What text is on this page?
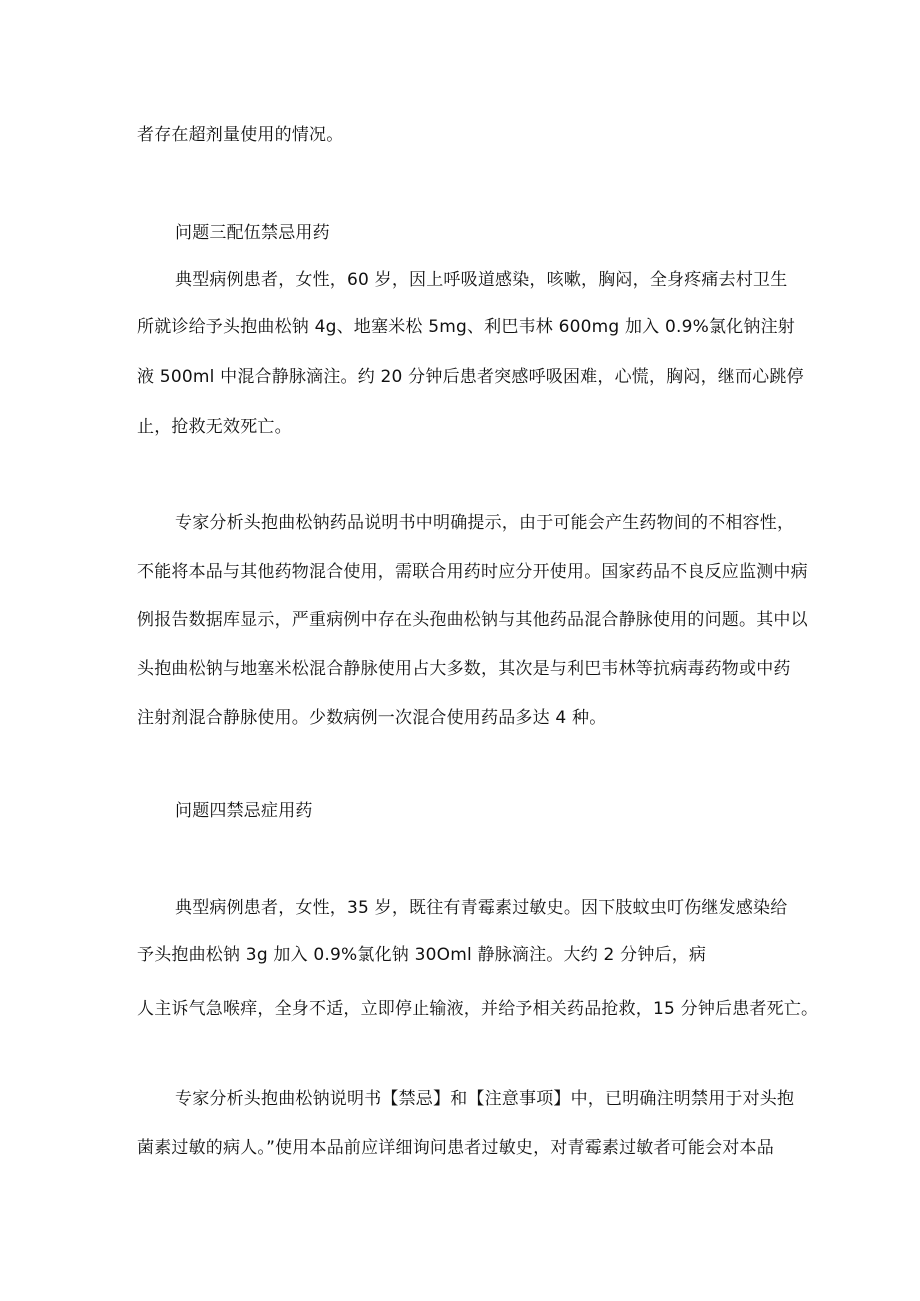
者存在超剂量使用的情况。
问题三配伍禁忌用药
典型病例患者，女性，60 岁，因上呼吸道感染，咳嗽，胸闷，全身疼痛去村卫生
所就诊给予头抱曲松钠 4g、地塞米松 5mg、利巴韦林 600mg 加入 0.9%氯化钠注射
液 500ml 中混合静脉滴注。约 20 分钟后患者突感呼吸困难，心慌，胸闷，继而心跳停
止，抢救无效死亡。
专家分析头抱曲松钠药品说明书中明确提示，由于可能会产生药物间的不相容性，
不能将本品与其他药物混合使用，需联合用药时应分开使用。国家药品不良反应监测中病
例报告数据库显示，严重病例中存在头孢曲松钠与其他药品混合静脉使用的问题。其中以
头抱曲松钠与地塞米松混合静脉使用占大多数，其次是与利巴韦林等抗病毒药物或中药
注射剂混合静脉使用。少数病例一次混合使用药品多达 4 种。
问题四禁忌症用药
典型病例患者，女性，35 岁，既往有青霉素过敏史。因下肢蚊虫叮伤继发感染给
予头抱曲松钠 3g 加入 0.9%氯化钠 30Oml 静脉滴注。大约 2 分钟后，病
人主诉气急喉痒，全身不适，立即停止输液，并给予相关药品抢救，15 分钟后患者死亡。
专家分析头抱曲松钠说明书【禁忌】和【注意事项】中，已明确注明禁用于对头抱
菌素过敏的病人。”使用本品前应详细询问患者过敏史，对青霉素过敏者可能会对本品
